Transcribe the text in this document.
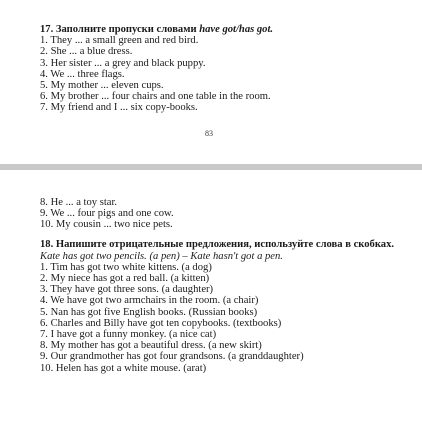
17. Заполните пропуски словами have got/has got.
1. They ... a small green and red bird.
2. She ... a blue dress.
3. Her sister ... a grey and black puppy.
4. We ... three flags.
5. My mother ... eleven cups.
6. My brother ... four chairs and one table in the room.
7. My friend and I ... six copy-books.
83
8. He ... a toy star.
9. We ... four pigs and one cow.
10. My cousin ... two nice pets.
18. Напишите отрицательные предложения, используйте слова в скобках.
Kate has got two pencils. (a pen) – Kate hasn't got a pen.
1. Tim has got two white kittens. (a dog)
2. My niece has got a red ball. (a kitten)
3. They have got three sons. (a daughter)
4. We have got two armchairs in the room. (a chair)
5. Nan has got five English books. (Russian books)
6. Charles and Billy have got ten copybooks. (textbooks)
7. I have got a funny monkey. (a nice cat)
8. My mother has got a beautiful dress. (a new skirt)
9. Our grandmother has got four grandsons. (a granddaughter)
10. Helen has got a white mouse. (arat)
